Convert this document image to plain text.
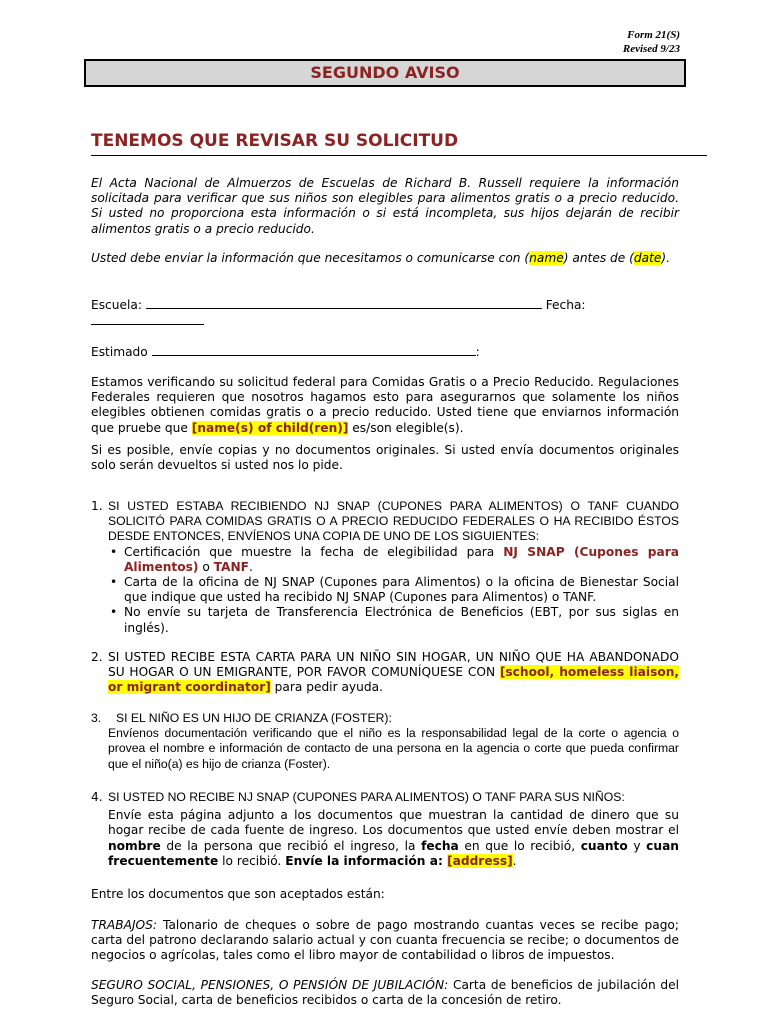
Form 21(S)
Revised 9/23
SEGUNDO AVISO
TENEMOS QUE REVISAR SU SOLICITUD
El Acta Nacional de Almuerzos de Escuelas de Richard B. Russell requiere la información solicitada para verificar que sus niños son elegibles para alimentos gratis o a precio reducido. Si usted no proporciona esta información o si está incompleta, sus hijos dejarán de recibir alimentos gratis o a precio reducido.
Usted debe enviar la información que necesitamos o comunicarse con (name) antes de (date).
Escuela:	Fecha:
Estimado	:
Estamos verificando su solicitud federal para Comidas Gratis o a Precio Reducido. Regulaciones Federales requieren que nosotros hagamos esto para asegurarnos que solamente los niños elegibles obtienen comidas gratis o a precio reducido. Usted tiene que enviarnos información que pruebe que [name(s) of child(ren)] es/son elegible(s).
Si es posible, envíe copias y no documentos originales. Si usted envía documentos originales solo serán devueltos si usted nos lo pide.
1. SI USTED ESTABA RECIBIENDO NJ SNAP (CUPONES PARA ALIMENTOS) O TANF CUANDO SOLICITÓ PARA COMIDAS GRATIS O A PRECIO REDUCIDO FEDERALES O HA RECIBIDO ÉSTOS DESDE ENTONCES, ENVÍENOS UNA COPIA DE UNO DE LOS SIGUIENTES:
• Certificación que muestre la fecha de elegibilidad para NJ SNAP (Cupones para Alimentos) o TANF.
• Carta de la oficina de NJ SNAP (Cupones para Alimentos) o la oficina de Bienestar Social que indique que usted ha recibido NJ SNAP (Cupones para Alimentos) o TANF.
• No envíe su tarjeta de Transferencia Electrónica de Beneficios (EBT, por sus siglas en inglés).
2. SI USTED RECIBE ESTA CARTA PARA UN NIÑO SIN HOGAR, UN NIÑO QUE HA ABANDONADO SU HOGAR O UN EMIGRANTE, POR FAVOR COMUNÍQUESE CON [school, homeless liaison, or migrant coordinator] para pedir ayuda.
3.	SI EL NIÑO ES UN HIJO DE CRIANZA (FOSTER):
Envíenos documentación verificando que el niño es la responsabilidad legal de la corte o agencia o provea el nombre e información de contacto de una persona en la agencia o corte que pueda confirmar que el niño(a) es hijo de crianza (Foster).
4. SI USTED NO RECIBE NJ SNAP (CUPONES PARA ALIMENTOS) O TANF PARA SUS NIÑOS:
Envíe esta página adjunto a los documentos que muestran la cantidad de dinero que su hogar recibe de cada fuente de ingreso. Los documentos que usted envíe deben mostrar el nombre de la persona que recibió el ingreso, la fecha en que lo recibió, cuanto y cuan frecuentemente lo recibió. Envíe la información a: [address].
Entre los documentos que son aceptados están:
TRABAJOS: Talonario de cheques o sobre de pago mostrando cuantas veces se recibe pago; carta del patrono declarando salario actual y con cuanta frecuencia se recibe; o documentos de negocios o agrícolas, tales como el libro mayor de contabilidad o libros de impuestos.
SEGURO SOCIAL, PENSIONES, O PENSIÓN DE JUBILACIÓN: Carta de beneficios de jubilación del Seguro Social, carta de beneficios recibidos o carta de la concesión de retiro.
